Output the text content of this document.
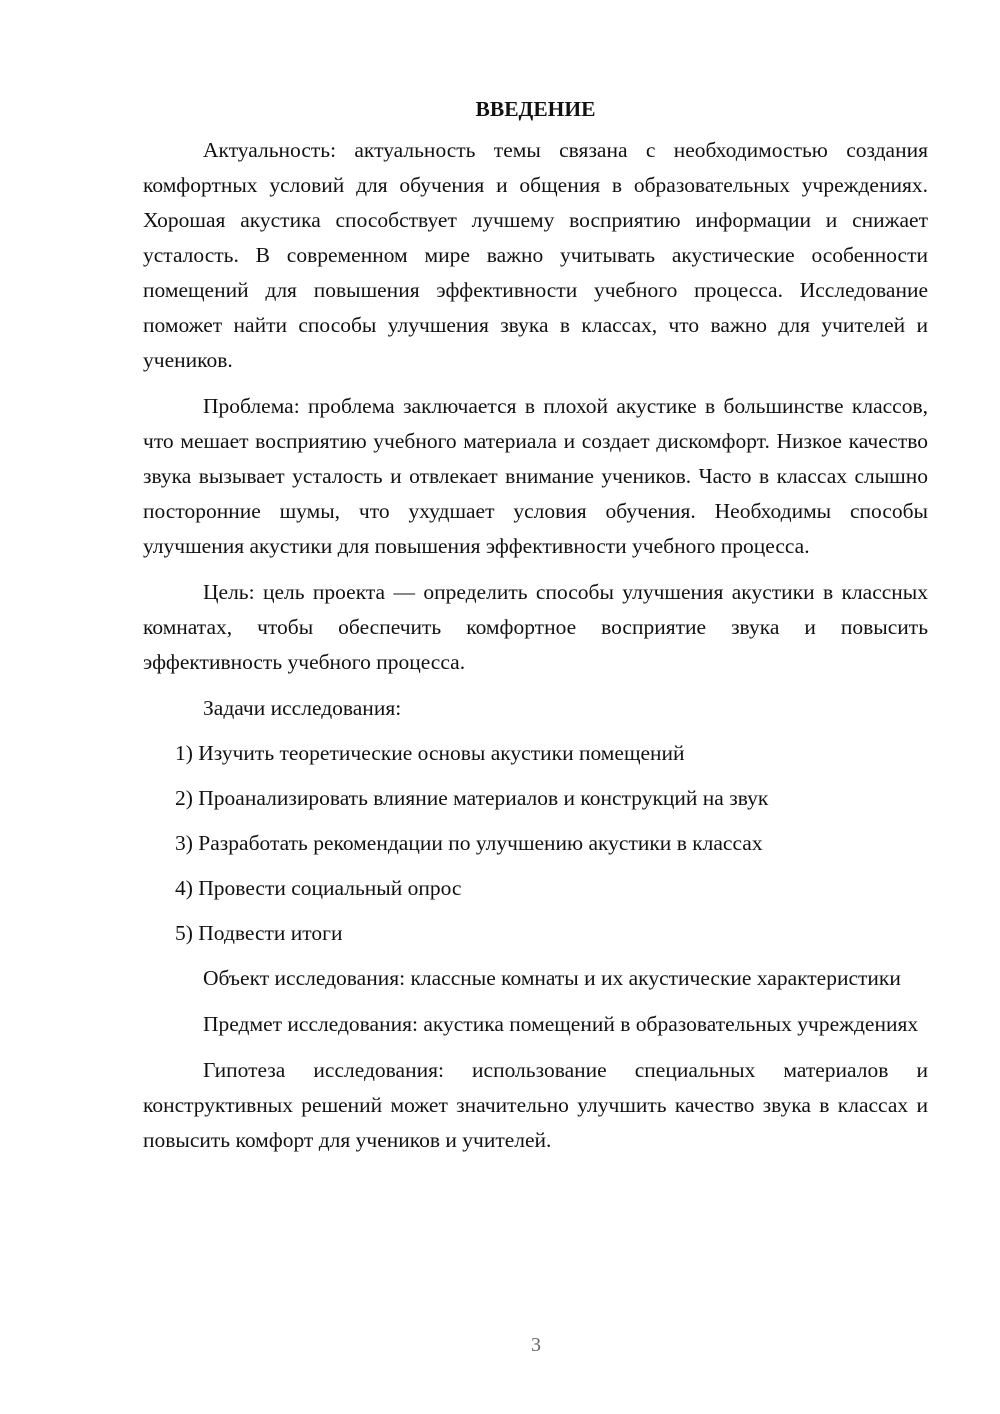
ВВЕДЕНИЕ

Актуальность: актуальность темы связана с необходимостью создания комфортных условий для обучения и общения в образовательных учреждениях. Хорошая акустика способствует лучшему восприятию информации и снижает усталость. В современном мире важно учитывать акустические особенности помещений для повышения эффективности учебного процесса. Исследование поможет найти способы улучшения звука в классах, что важно для учителей и учеников.

Проблема: проблема заключается в плохой акустике в большинстве классов, что мешает восприятию учебного материала и создает дискомфорт. Низкое качество звука вызывает усталость и отвлекает внимание учеников. Часто в классах слышно посторонние шумы, что ухудшает условия обучения. Необходимы способы улучшения акустики для повышения эффективности учебного процесса.

Цель: цель проекта — определить способы улучшения акустики в классных комнатах, чтобы обеспечить комфортное восприятие звука и повысить эффективность учебного процесса.

Задачи исследования:

1) Изучить теоретические основы акустики помещений
2) Проанализировать влияние материалов и конструкций на звук
3) Разработать рекомендации по улучшению акустики в классах
4) Провести социальный опрос
5) Подвести итоги

Объект исследования: классные комнаты и их акустические характеристики

Предмет исследования: акустика помещений в образовательных учреждениях

Гипотеза исследования: использование специальных материалов и конструктивных решений может значительно улучшить качество звука в классах и повысить комфорт для учеников и учителей.

3
